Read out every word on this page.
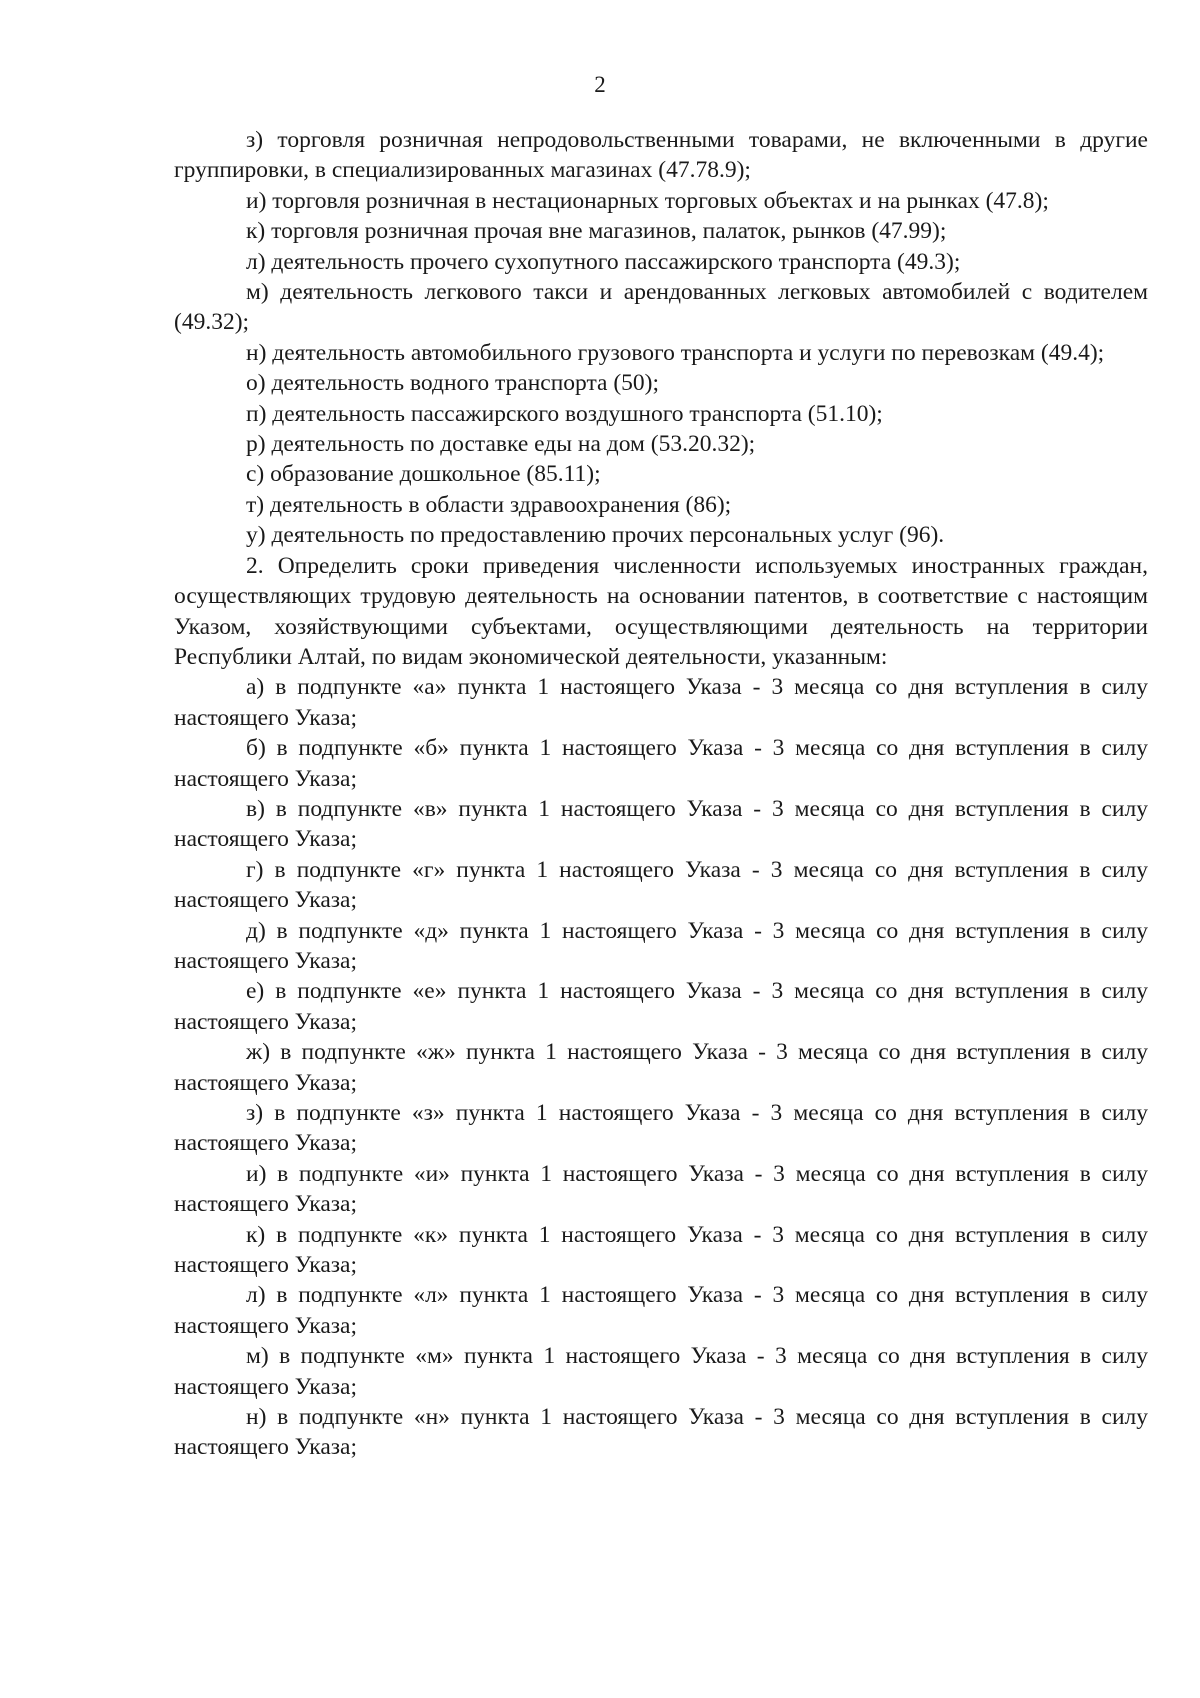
2

з) торговля розничная непродовольственными товарами, не включенными в другие группировки, в специализированных магазинах (47.78.9);

и) торговля розничная в нестационарных торговых объектах и на рынках (47.8);

к) торговля розничная прочая вне магазинов, палаток, рынков (47.99);

л) деятельность прочего сухопутного пассажирского транспорта (49.3);

м) деятельность легкового такси и арендованных легковых автомобилей с водителем (49.32);

н) деятельность автомобильного грузового транспорта и услуги по перевозкам (49.4);

о) деятельность водного транспорта (50);

п) деятельность пассажирского воздушного транспорта (51.10);

р) деятельность по доставке еды на дом (53.20.32);

с) образование дошкольное (85.11);

т) деятельность в области здравоохранения (86);

у) деятельность по предоставлению прочих персональных услуг (96).

2. Определить сроки приведения численности используемых иностранных граждан, осуществляющих трудовую деятельность на основании патентов, в соответствие с настоящим Указом, хозяйствующими субъектами, осуществляющими деятельность на территории Республики Алтай, по видам экономической деятельности, указанным:

а) в подпункте «а» пункта 1 настоящего Указа - 3 месяца со дня вступления в силу настоящего Указа;

б) в подпункте «б» пункта 1 настоящего Указа - 3 месяца со дня вступления в силу настоящего Указа;

в) в подпункте «в» пункта 1 настоящего Указа - 3 месяца со дня вступления в силу настоящего Указа;

г) в подпункте «г» пункта 1 настоящего Указа - 3 месяца со дня вступления в силу настоящего Указа;

д) в подпункте «д» пункта 1 настоящего Указа - 3 месяца со дня вступления в силу настоящего Указа;

е) в подпункте «е» пункта 1 настоящего Указа - 3 месяца со дня вступления в силу настоящего Указа;

ж) в подпункте «ж» пункта 1 настоящего Указа - 3 месяца со дня вступления в силу настоящего Указа;

з) в подпункте «з» пункта 1 настоящего Указа - 3 месяца со дня вступления в силу настоящего Указа;

и) в подпункте «и» пункта 1 настоящего Указа - 3 месяца со дня вступления в силу настоящего Указа;

к) в подпункте «к» пункта 1 настоящего Указа - 3 месяца со дня вступления в силу настоящего Указа;

л) в подпункте «л» пункта 1 настоящего Указа - 3 месяца со дня вступления в силу настоящего Указа;

м) в подпункте «м» пункта 1 настоящего Указа - 3 месяца со дня вступления в силу настоящего Указа;

н) в подпункте «н» пункта 1 настоящего Указа - 3 месяца со дня вступления в силу настоящего Указа;
